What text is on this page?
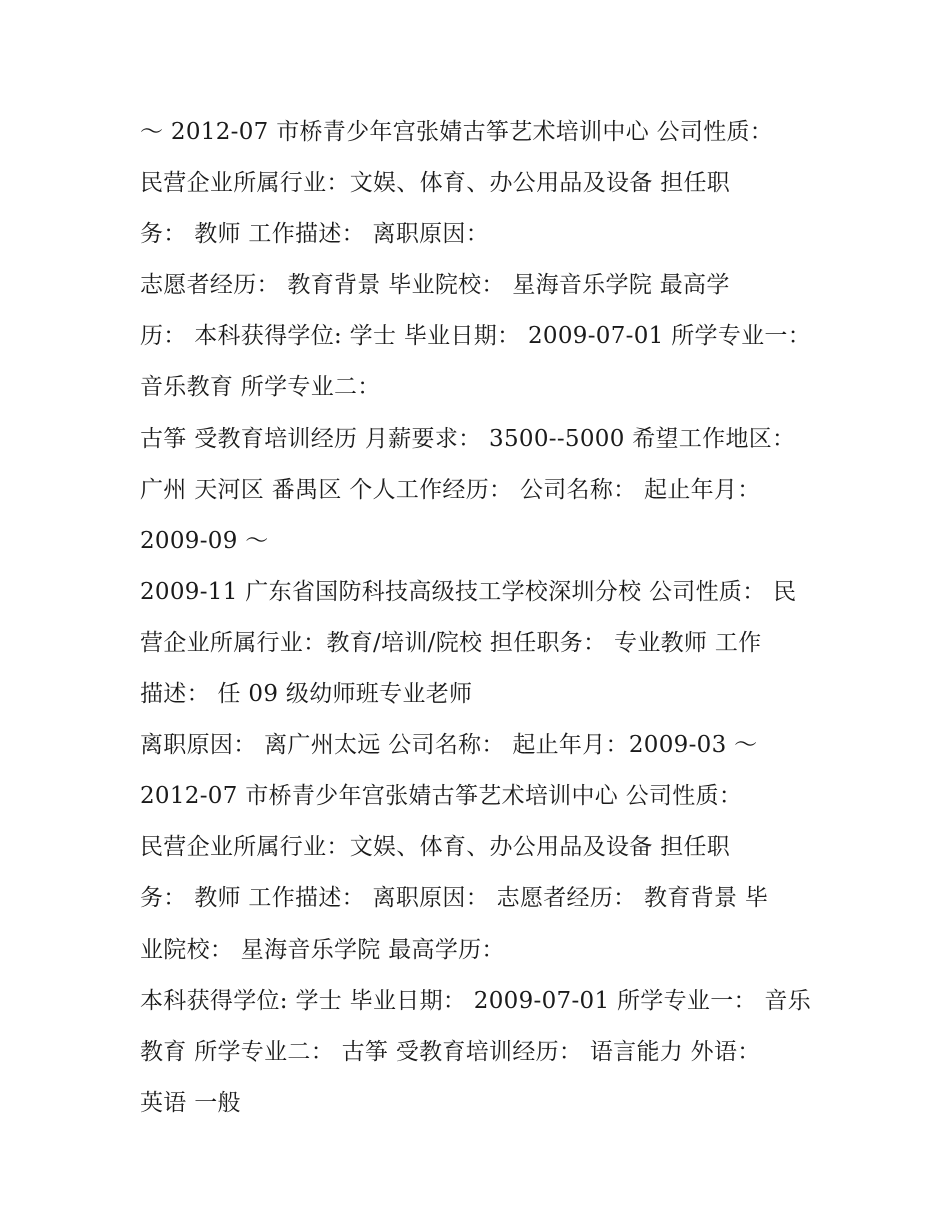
～ 2012-07 市桥青少年宫张婧古筝艺术培训中心 公司性质：
民营企业所属行业：文娱、体育、办公用品及设备 担任职
务： 教师 工作描述： 离职原因：
志愿者经历： 教育背景 毕业院校： 星海音乐学院 最高学
历： 本科获得学位: 学士 毕业日期： 2009-07-01 所学专业一：
音乐教育 所学专业二：
古筝 受教育培训经历 月薪要求： 3500--5000 希望工作地区：
广州 天河区 番禺区 个人工作经历： 公司名称： 起止年月：
2009-09 ～
2009-11 广东省国防科技高级技工学校深圳分校 公司性质： 民
营企业所属行业：教育/培训/院校 担任职务： 专业教师 工作
描述： 任 09 级幼师班专业老师
离职原因： 离广州太远 公司名称： 起止年月：2009-03 ～
2012-07 市桥青少年宫张婧古筝艺术培训中心 公司性质：
民营企业所属行业：文娱、体育、办公用品及设备 担任职
务： 教师 工作描述： 离职原因： 志愿者经历： 教育背景 毕
业院校： 星海音乐学院 最高学历：
本科获得学位: 学士 毕业日期： 2009-07-01 所学专业一： 音乐
教育 所学专业二： 古筝 受教育培训经历： 语言能力 外语：
英语 一般
